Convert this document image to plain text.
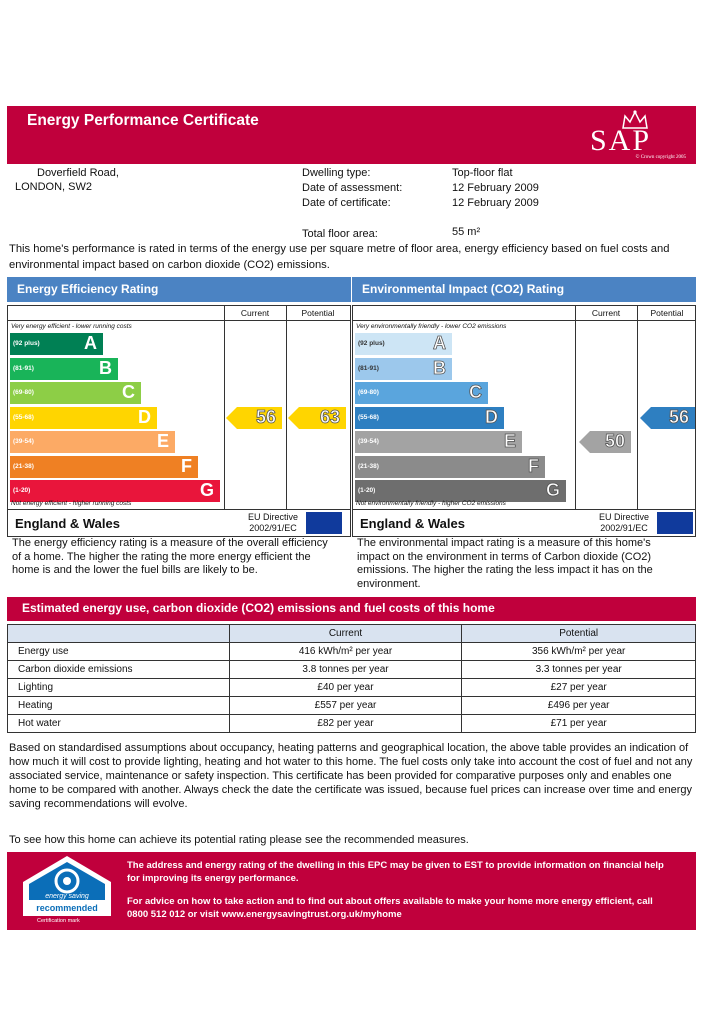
Energy Performance Certificate
SAP
© Crown copyright 2005
Doverfield Road,
LONDON, SW2
Dwelling type:	Top-floor flat
Date of assessment:	12 February 2009
Date of certificate:	12 February 2009
Total floor area:	55 m²
This home's performance is rated in terms of the energy use per square metre of floor area, energy efficiency based on fuel costs and environmental impact based on carbon dioxide (CO2) emissions.
Energy Efficiency Rating
Current	Potential
Very energy efficient - lower running costs
(92 plus) A
(81-91)	B
(69-80)	C
(55-68)	D
(39-54)	E
(21-38)	F
(1-20)	G
Not energy efficient - higher running costs
56 63
England & Wales	EU Directive 2002/91/EC
Environmental Impact (CO2) Rating
Current	Potential
Very environmentally friendly - lower CO2 emissions
(92 plus)	A
(81-91)	B
(69-80)	C
(55-68)	D
(39-54)	E
(21-38)	F
(1-20)	G
Not environmentally friendly - higher CO2 emissions
50
56
England & Wales	EU Directive 2002/91/EC
The energy efficiency rating is a measure of the overall efficiency of a home. The higher the rating the more energy efficient the home is and the lower the fuel bills are likely to be.
The environmental impact rating is a measure of this home's impact on the environment in terms of Carbon dioxide (CO2) emissions. The higher the rating the less impact it has on the environment.
Estimated energy use, carbon dioxide (CO2) emissions and fuel costs of this home
	Current	Potential
Energy use	416 kWh/m² per year	356 kWh/m² per year
Carbon dioxide emissions	3.8 tonnes per year	3.3 tonnes per year
Lighting	£40 per year	£27 per year
Heating	£557 per year	£496 per year
Hot water	£82 per year	£71 per year
Based on standardised assumptions about occupancy, heating patterns and geographical location, the above table provides an indication of how much it will cost to provide lighting, heating and hot water to this home. The fuel costs only take into account the cost of fuel and not any associated service, maintenance or safety inspection. This certificate has been provided for comparative purposes only and enables one home to be compared with another. Always check the date the certificate was issued, because fuel prices can increase over time and energy saving recommendations will evolve.
To see how this home can achieve its potential rating please see the recommended measures.
energy saving
recommended
Certification mark
The address and energy rating of the dwelling in this EPC may be given to EST to provide information on financial help for improving its energy performance.
For advice on how to take action and to find out about offers available to make your home more energy efficient, call 0800 512 012 or visit www.energysavingtrust.org.uk/myhome
